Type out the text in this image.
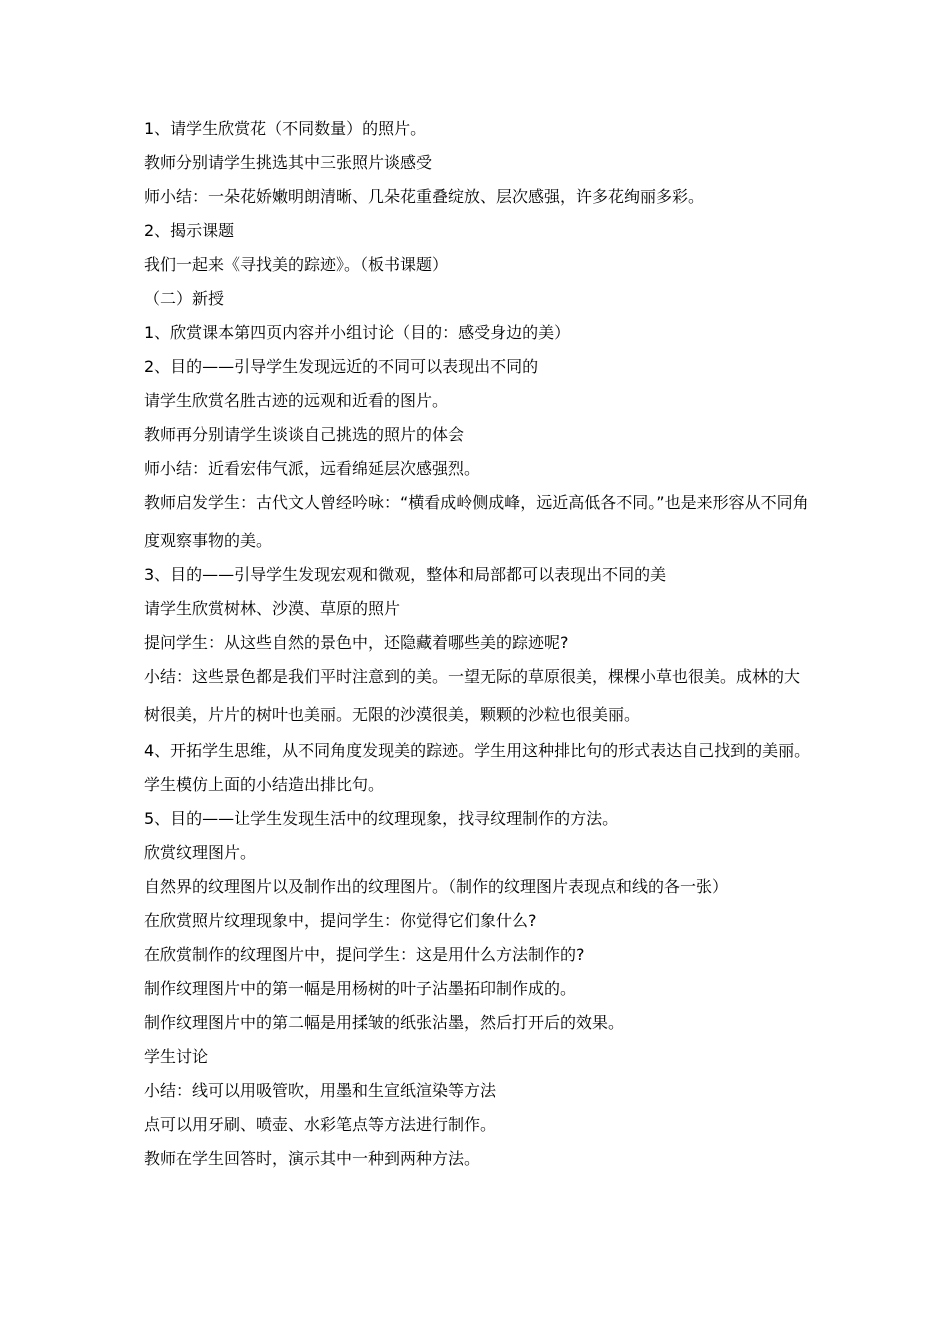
1、请学生欣赏花（不同数量）的照片。
教师分别请学生挑选其中三张照片谈感受
师小结：一朵花娇嫩明朗清晰、几朵花重叠绽放、层次感强，许多花绚丽多彩。
2、揭示课题
我们一起来《寻找美的踪迹》。（板书课题）
（二）新授
1、欣赏课本第四页内容并小组讨论（目的：感受身边的美）
2、目的——引导学生发现远近的不同可以表现出不同的
请学生欣赏名胜古迹的远观和近看的图片。
教师再分别请学生谈谈自己挑选的照片的体会
师小结：近看宏伟气派，远看绵延层次感强烈。
教师启发学生：古代文人曾经吟咏：“横看成岭侧成峰，远近高低各不同。”也是来形容从不同角度观察事物的美。
3、目的——引导学生发现宏观和微观，整体和局部都可以表现出不同的美
请学生欣赏树林、沙漠、草原的照片
提问学生：从这些自然的景色中，还隐藏着哪些美的踪迹呢?
小结：这些景色都是我们平时注意到的美。一望无际的草原很美，棵棵小草也很美。成林的大树很美，片片的树叶也美丽。无限的沙漠很美，颗颗的沙粒也很美丽。
4、开拓学生思维，从不同角度发现美的踪迹。学生用这种排比句的形式表达自己找到的美丽。
学生模仿上面的小结造出排比句。
5、目的——让学生发现生活中的纹理现象，找寻纹理制作的方法。
欣赏纹理图片。
自然界的纹理图片以及制作出的纹理图片。（制作的纹理图片表现点和线的各一张）
在欣赏照片纹理现象中，提问学生：你觉得它们象什么?
在欣赏制作的纹理图片中，提问学生：这是用什么方法制作的?
制作纹理图片中的第一幅是用杨树的叶子沾墨拓印制作成的。
制作纹理图片中的第二幅是用揉皱的纸张沾墨，然后打开后的效果。
学生讨论
小结：线可以用吸管吹，用墨和生宣纸渲染等方法
点可以用牙刷、喷壶、水彩笔点等方法进行制作。
教师在学生回答时，演示其中一种到两种方法。
